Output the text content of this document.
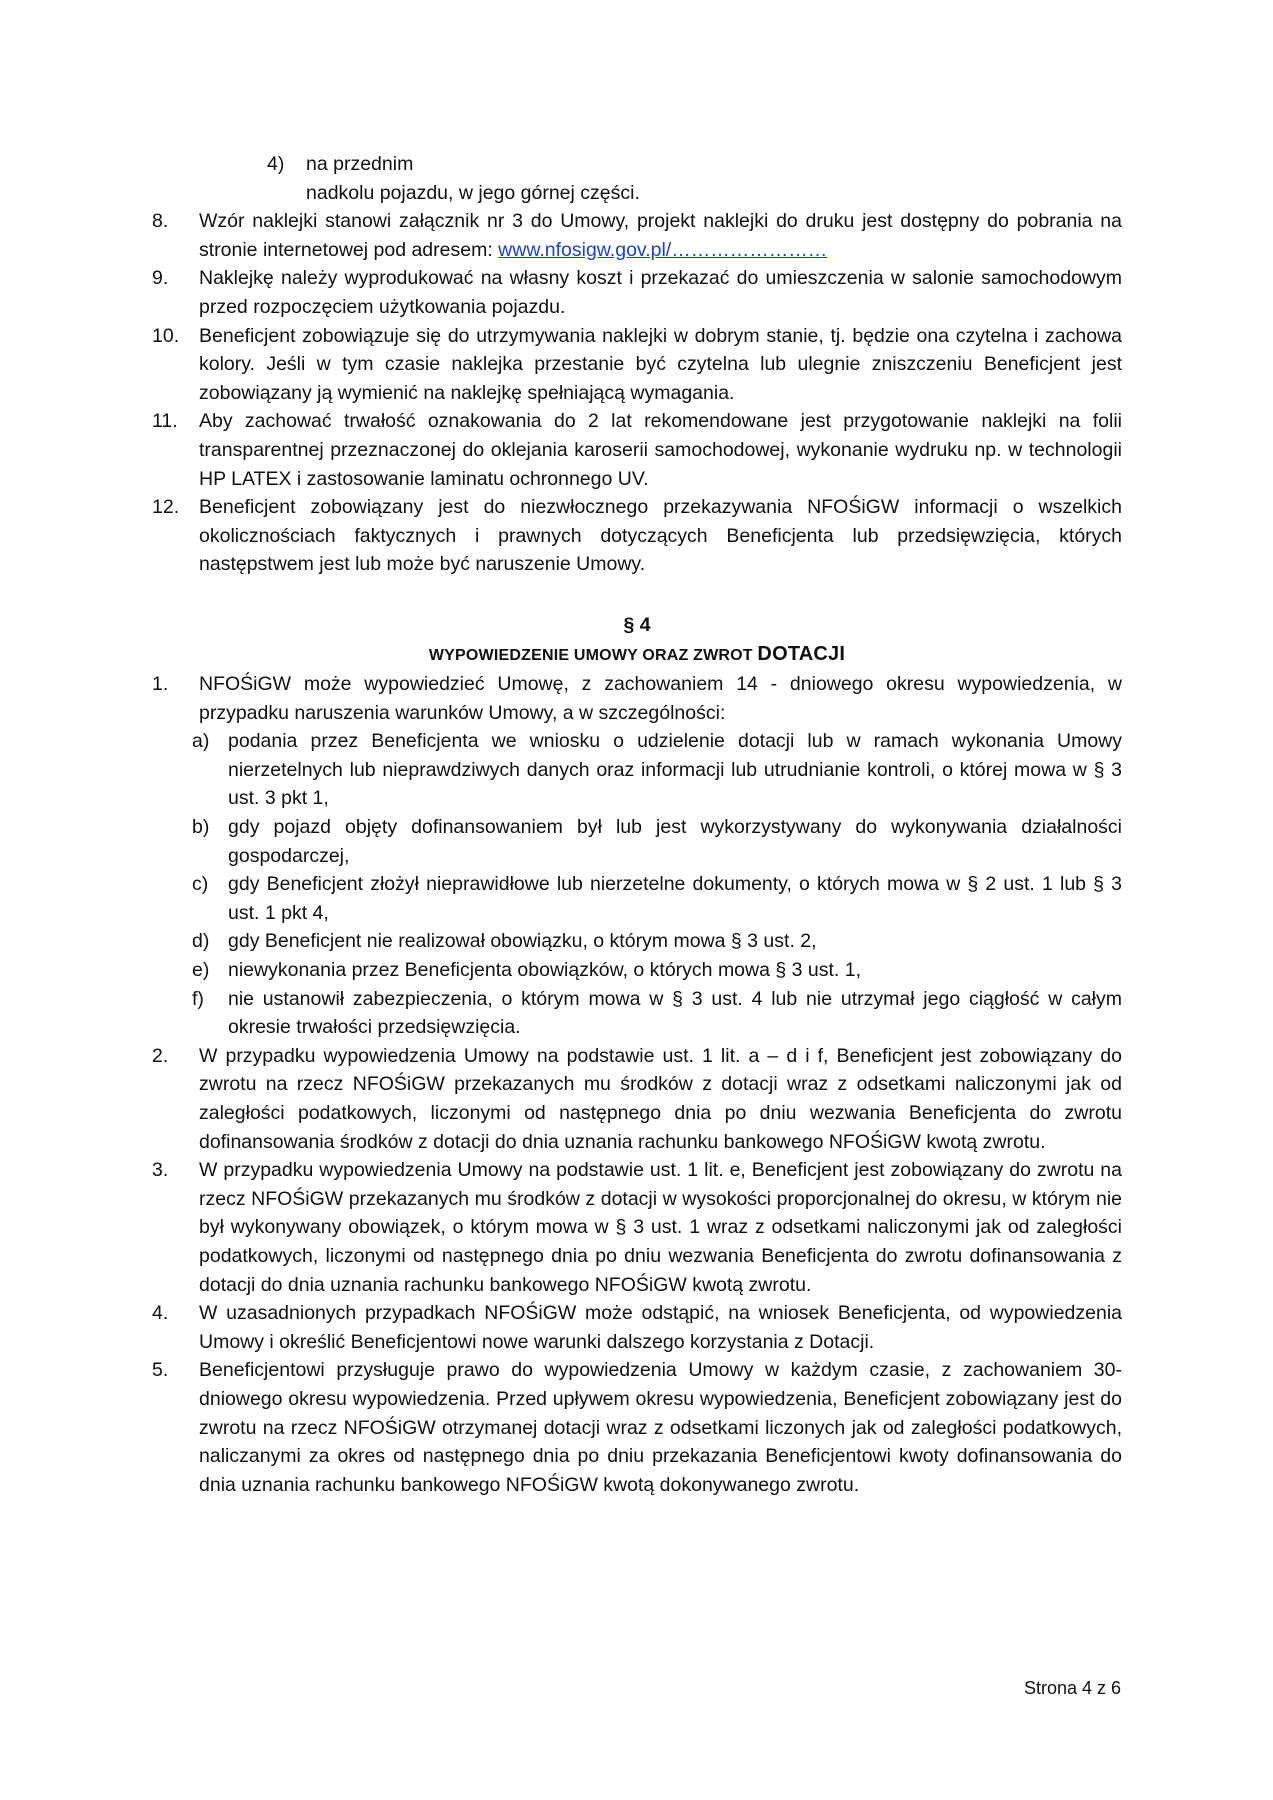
4) na przednim
nadkolu pojazdu, w jego górnej części.
8.	Wzór naklejki stanowi załącznik nr 3 do Umowy, projekt naklejki do druku jest dostępny do pobrania na stronie internetowej pod adresem: www.nfosigw.gov.pl/……………………
9.	Naklejkę należy wyprodukować na własny koszt i przekazać do umieszczenia w salonie samochodowym przed rozpoczęciem użytkowania pojazdu.
10.	Beneficjent zobowiązuje się do utrzymywania naklejki w dobrym stanie, tj. będzie ona czytelna i zachowa kolory. Jeśli w tym czasie naklejka przestanie być czytelna lub ulegnie zniszczeniu Beneficjent jest zobowiązany ją wymienić na naklejkę spełniającą wymagania.
11.	Aby zachować trwałość oznakowania do 2 lat rekomendowane jest przygotowanie naklejki na folii transparentnej przeznaczonej do oklejania karoserii samochodowej, wykonanie wydruku np. w technologii HP LATEX i zastosowanie laminatu ochronnego UV.
12.	Beneficjent zobowiązany jest do niezwłocznego przekazywania NFOŚiGW informacji o wszelkich okolicznościach faktycznych i prawnych dotyczących Beneficjenta lub przedsięwzięcia, których następstwem jest lub może być naruszenie Umowy.
§ 4
WYPOWIEDZENIE UMOWY ORAZ ZWROT DOTACJI
1.	NFOŚiGW może wypowiedzieć Umowę, z zachowaniem 14 - dniowego okresu wypowiedzenia, w przypadku naruszenia warunków Umowy, a w szczególności:
a) podania przez Beneficjenta we wniosku o udzielenie dotacji lub w ramach wykonania Umowy nierzetelnych lub nieprawdziwych danych oraz informacji lub utrudnianie kontroli, o której mowa w § 3 ust. 3 pkt 1,
b) gdy pojazd objęty dofinansowaniem był lub jest wykorzystywany do wykonywania działalności gospodarczej,
c) gdy Beneficjent złożył nieprawidłowe lub nierzetelne dokumenty, o których mowa w § 2 ust. 1 lub § 3 ust. 1 pkt 4,
d) gdy Beneficjent nie realizował obowiązku, o którym mowa § 3 ust. 2,
e) niewykonania przez Beneficjenta obowiązków, o których mowa § 3 ust. 1,
f) nie ustanowił zabezpieczenia, o którym mowa w § 3 ust. 4 lub nie utrzymał jego ciągłość w całym okresie trwałości przedsięwzięcia.
2.	W przypadku wypowiedzenia Umowy na podstawie ust. 1 lit. a – d i f, Beneficjent jest zobowiązany do zwrotu na rzecz NFOŚiGW przekazanych mu środków z dotacji wraz z odsetkami naliczonymi jak od zaległości podatkowych, liczonymi od następnego dnia po dniu wezwania Beneficjenta do zwrotu dofinansowania środków z dotacji do dnia uznania rachunku bankowego NFOŚiGW kwotą zwrotu.
3.	W przypadku wypowiedzenia Umowy na podstawie ust. 1 lit. e, Beneficjent jest zobowiązany do zwrotu na rzecz NFOŚiGW przekazanych mu środków z dotacji w wysokości proporcjonalnej do okresu, w którym nie był wykonywany obowiązek, o którym mowa w § 3 ust. 1 wraz z odsetkami naliczonymi jak od zaległości podatkowych, liczonymi od następnego dnia po dniu wezwania Beneficjenta do zwrotu dofinansowania z dotacji do dnia uznania rachunku bankowego NFOŚiGW kwotą zwrotu.
4.	W uzasadnionych przypadkach NFOŚiGW może odstąpić, na wniosek Beneficjenta, od wypowiedzenia Umowy i określić Beneficjentowi nowe warunki dalszego korzystania z Dotacji.
5.	Beneficjentowi przysługuje prawo do wypowiedzenia Umowy w każdym czasie, z zachowaniem 30-dniowego okresu wypowiedzenia. Przed upływem okresu wypowiedzenia, Beneficjent zobowiązany jest do zwrotu na rzecz NFOŚiGW otrzymanej dotacji wraz z odsetkami liczonych jak od zaległości podatkowych, naliczanymi za okres od następnego dnia po dniu przekazania Beneficjentowi kwoty dofinansowania do dnia uznania rachunku bankowego NFOŚiGW kwotą dokonywanego zwrotu.
Strona 4 z 6
